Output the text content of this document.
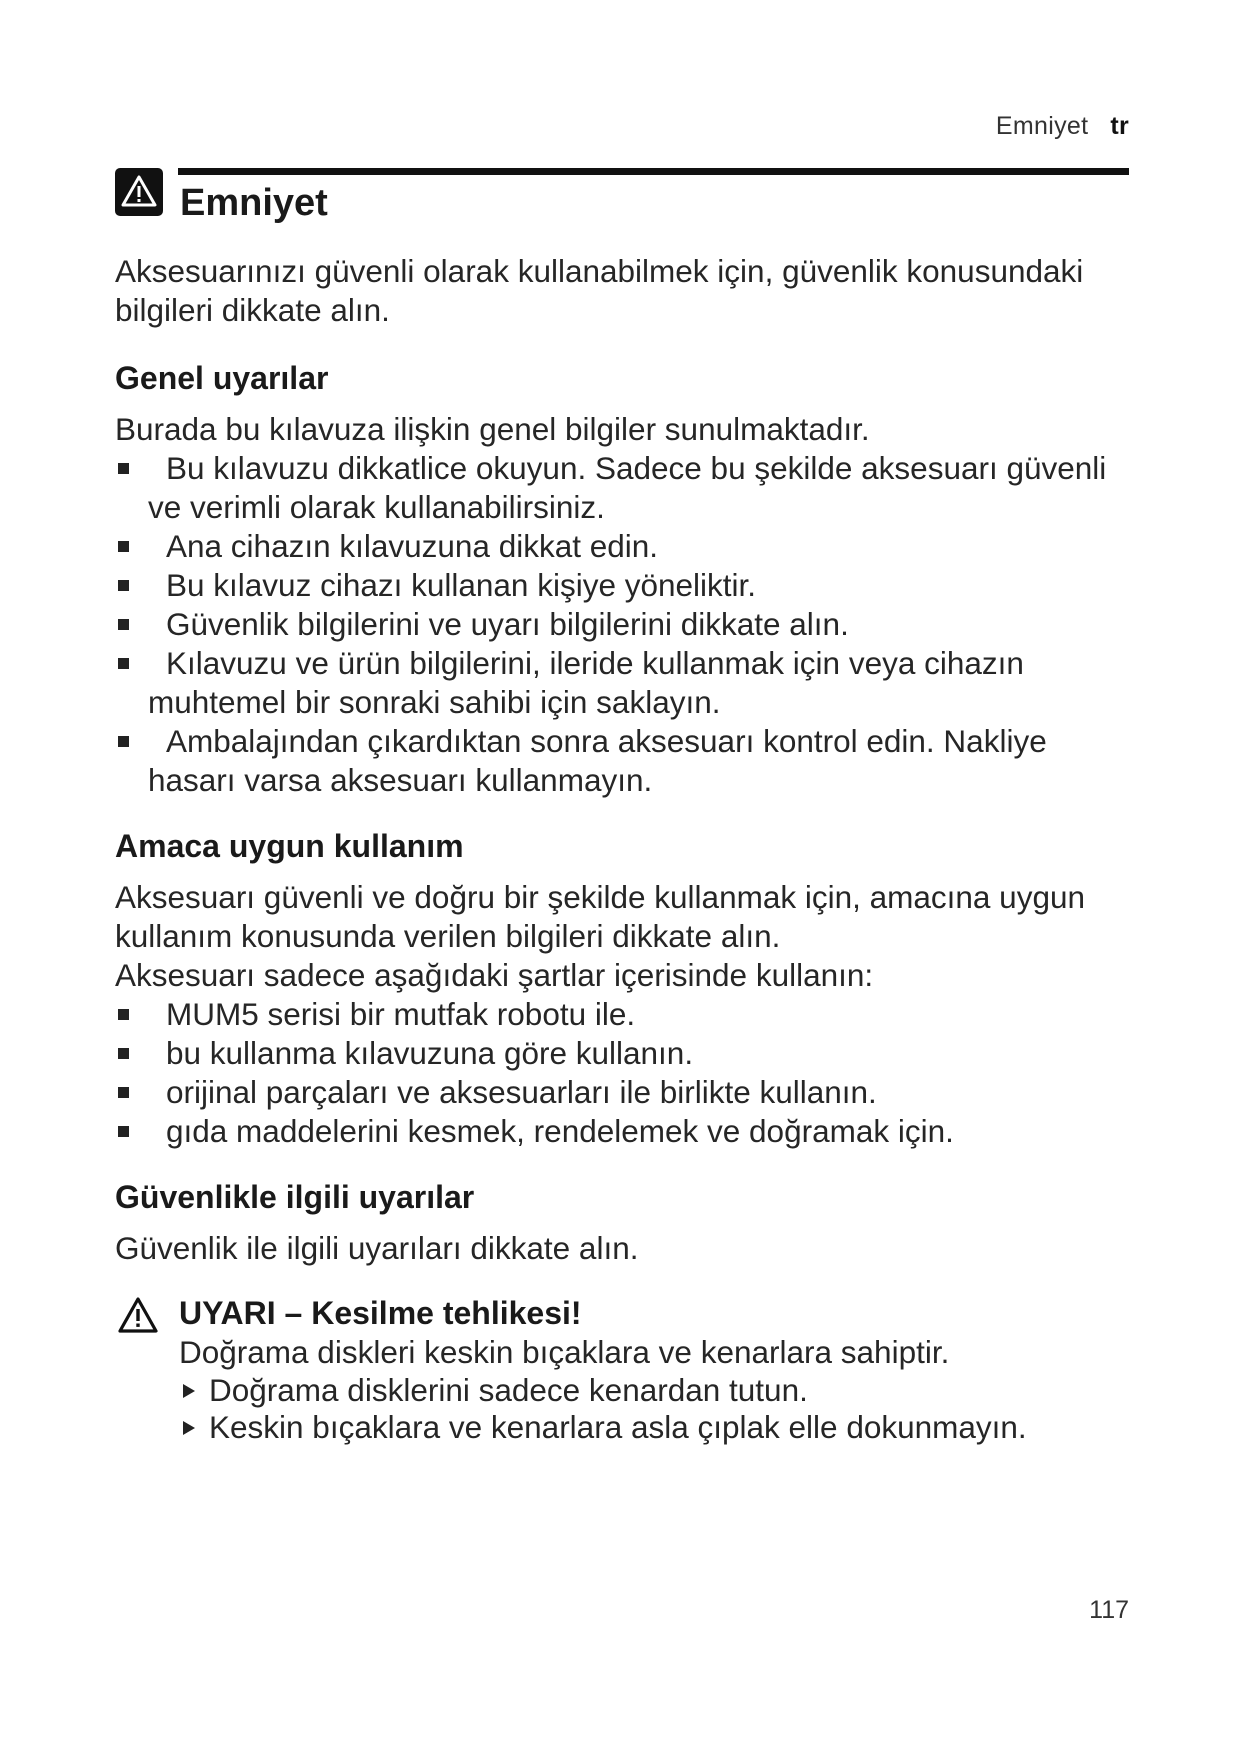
Emniyet tr
Emniyet

Aksesuarınızı güvenli olarak kullanabilmek için, güvenlik konusundaki bilgileri dikkate alın.

Genel uyarılar

Burada bu kılavuza ilişkin genel bilgiler sunulmaktadır.

Bu kılavuzu dikkatlice okuyun. Sadece bu şekilde aksesuarı güvenli ve verimli olarak kullanabilirsiniz.
Ana cihazın kılavuzuna dikkat edin.
Bu kılavuz cihazı kullanan kişiye yöneliktir.
Güvenlik bilgilerini ve uyarı bilgilerini dikkate alın.
Kılavuzu ve ürün bilgilerini, ileride kullanmak için veya cihazın muhtemel bir sonraki sahibi için saklayın.
Ambalajından çıkardıktan sonra aksesuarı kontrol edin. Nakliye hasarı varsa aksesuarı kullanmayın.
Amaca uygun kullanım

Aksesuarı güvenli ve doğru bir şekilde kullanmak için, amacına uygun kullanım konusunda verilen bilgileri dikkate alın.

Aksesuarı sadece aşağıdaki şartlar içerisinde kullanın:

MUM5 serisi bir mutfak robotu ile.
bu kullanma kılavuzuna göre kullanın.
orijinal parçaları ve aksesuarları ile birlikte kullanın.
gıda maddelerini kesmek, rendelemek ve doğramak için.
Güvenlikle ilgili uyarılar

Güvenlik ile ilgili uyarıları dikkate alın.

UYARI – Kesilme tehlikesi!

Doğrama diskleri keskin bıçaklara ve kenarlara sahiptir.

Doğrama disklerini sadece kenardan tutun.
Keskin bıçaklara ve kenarlara asla çıplak elle dokunmayın.
117
